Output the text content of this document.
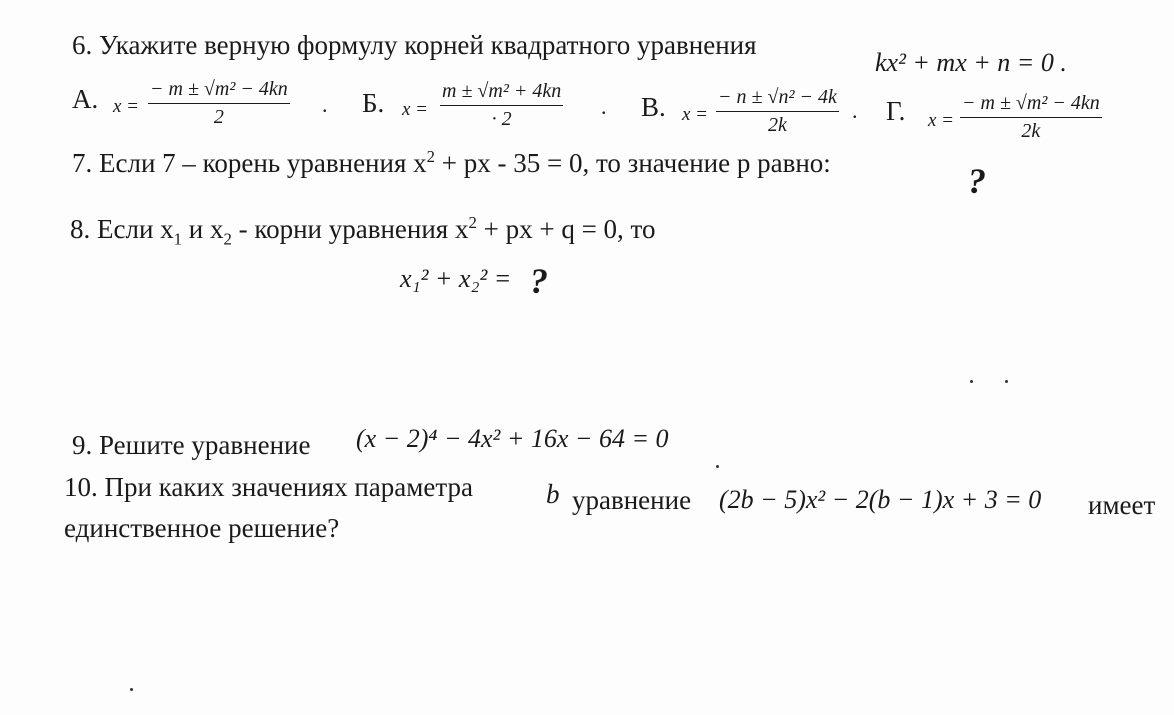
6. Укажите верную формулу корней квадратного уравнения
kx² + mx + n = 0 .
А. $x = \frac{\text{− m ± √m² − 4kn}}{2}$ . Б. $x = \frac{\text{m ± √m² + 4kn}}{\cdot 2}$ . В. $x = \frac{\text{− n ± √n² − 4k}}{2k}$ . Г. $x = \frac{\text{− m ± √m² − 4kn}}{2k}$
7. Если 7 – корень уравнения $x^2$ + px - 35 = 0, то значение p равно:	?
8. Если $x_1$ и $x_2$ - корни уравнения $x^2$ + px + q = 0, то
x₁² + x₂² = ?
9. Решите уравнение (x − 2)⁴ − 4x² + 16x − 64 = 0
10. При каких значениях параметра	b уравнение (2b − 5)x² − 2(b − 1)x + 3 = 0 имеет
единственное решение?
